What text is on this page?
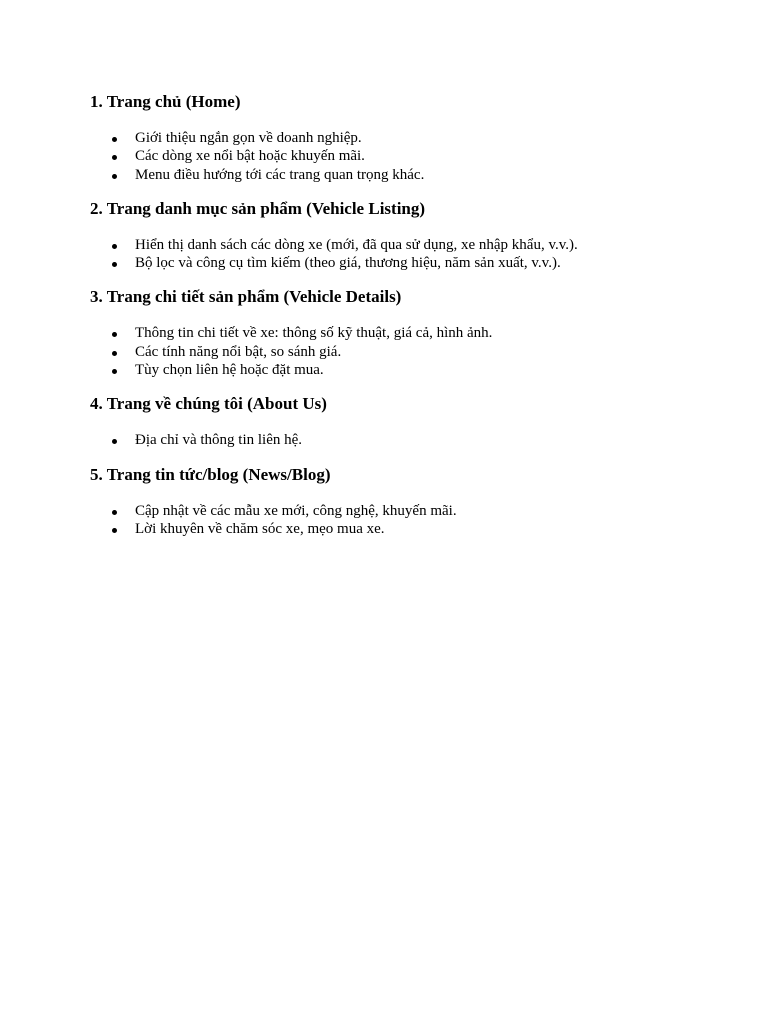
1. Trang chủ (Home)
Giới thiệu ngắn gọn về doanh nghiệp.
Các dòng xe nổi bật hoặc khuyến mãi.
Menu điều hướng tới các trang quan trọng khác.
2. Trang danh mục sản phẩm (Vehicle Listing)
Hiển thị danh sách các dòng xe (mới, đã qua sử dụng, xe nhập khẩu, v.v.).
Bộ lọc và công cụ tìm kiếm (theo giá, thương hiệu, năm sản xuất, v.v.).
3. Trang chi tiết sản phẩm (Vehicle Details)
Thông tin chi tiết về xe: thông số kỹ thuật, giá cả, hình ảnh.
Các tính năng nổi bật, so sánh giá.
Tùy chọn liên hệ hoặc đặt mua.
4. Trang về chúng tôi (About Us)
Địa chỉ và thông tin liên hệ.
5. Trang tin tức/blog (News/Blog)
Cập nhật về các mẫu xe mới, công nghệ, khuyến mãi.
Lời khuyên về chăm sóc xe, mẹo mua xe.
